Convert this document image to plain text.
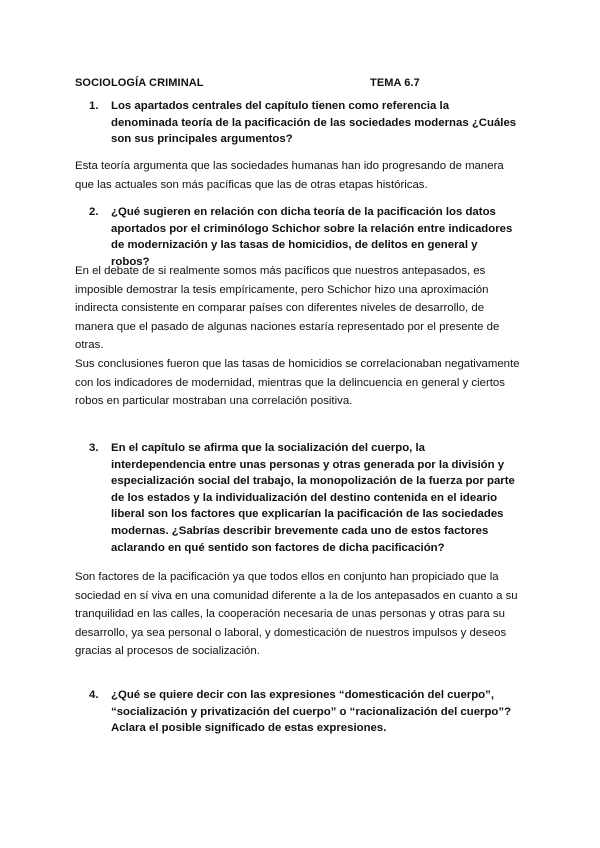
SOCIOLOGÍA CRIMINAL	TEMA 6.7
1. Los apartados centrales del capítulo tienen como referencia la denominada teoría de la pacificación de las sociedades modernas ¿Cuáles son sus principales argumentos?
Esta teoría argumenta que las sociedades humanas han ido progresando de manera que las actuales son más pacíficas que las de otras etapas históricas.
2. ¿Qué sugieren en relación con dicha teoría de la pacificación los datos aportados por el criminólogo Schichor sobre la relación entre indicadores de modernización y las tasas de homicidios, de delitos en general y robos?
En el debate de si realmente somos más pacíficos que nuestros antepasados, es imposible demostrar la tesis empíricamente, pero Schichor hizo una aproximación indirecta consistente en comparar países con diferentes niveles de desarrollo, de manera que el pasado de algunas naciones estaría representado por el presente de otras.
Sus conclusiones fueron que las tasas de homicidios se correlacionaban negativamente con los indicadores de modernidad, mientras que la delincuencia en general y ciertos robos en particular mostraban una correlación positiva.
3. En el capítulo se afirma que la socialización del cuerpo, la interdependencia entre unas personas y otras generada por la división y especialización social del trabajo, la monopolización de la fuerza por parte de los estados y la individualización del destino contenida en el ideario liberal son los factores que explicarían la pacificación de las sociedades modernas. ¿Sabrías describir brevemente cada uno de estos factores aclarando en qué sentido son factores de dicha pacificación?
Son factores de la pacificación ya que todos ellos en conjunto han propiciado que la sociedad en sí viva en una comunidad diferente a la de los antepasados en cuanto a su tranquilidad en las calles, la cooperación necesaria de unas personas y otras para su desarrollo, ya sea personal o laboral, y domesticación de nuestros impulsos y deseos gracias al procesos de socialización.
4. ¿Qué se quiere decir con las expresiones “domesticación del cuerpo”, “socialización y privatización del cuerpo” o “racionalización del cuerpo”? Aclara el posible significado de estas expresiones.
